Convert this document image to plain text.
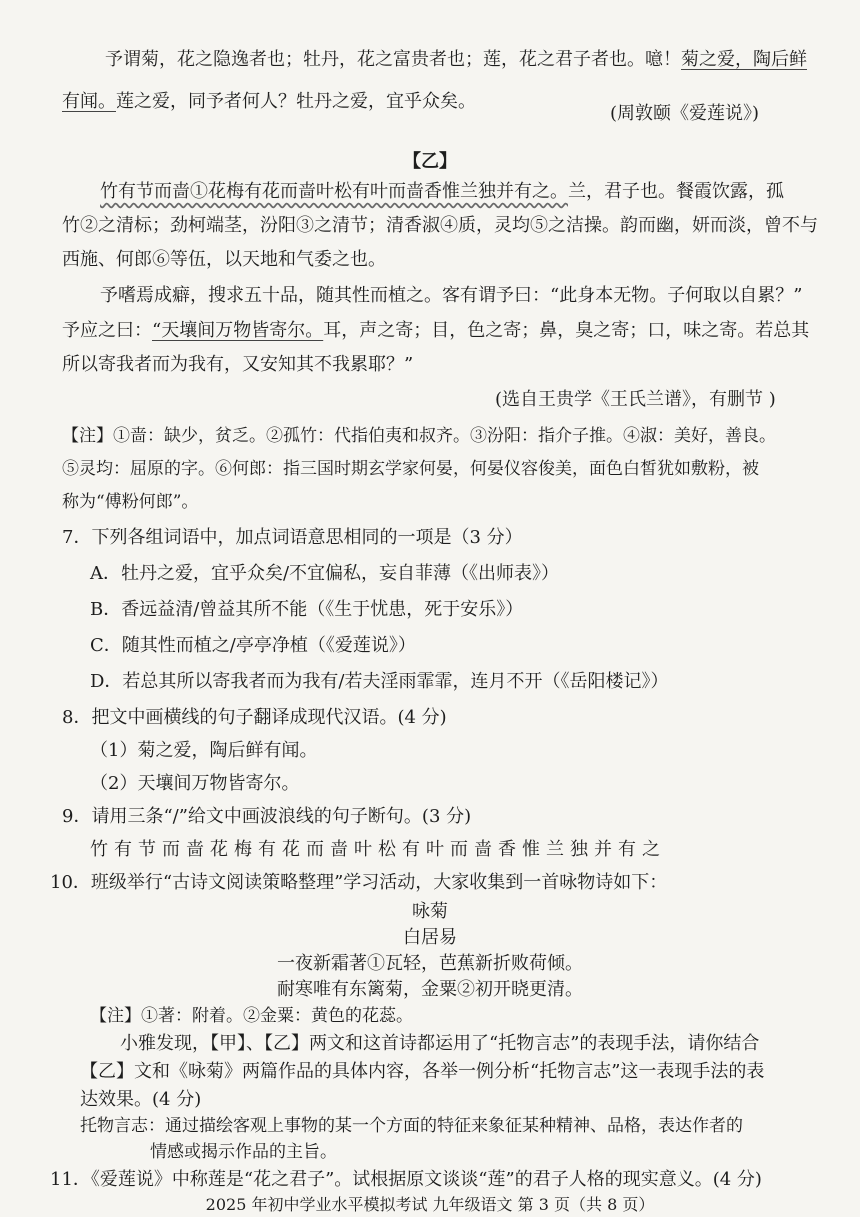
予谓菊，花之隐逸者也；牡丹，花之富贵者也；莲，花之君子者也。噫！菊之爱，陶后鲜
有闻。莲之爱，同予者何人？牡丹之爱，宜乎众矣。
(周敦颐《爱莲说》)
【乙】
竹有节而啬①花梅有花而啬叶松有叶而啬香惟兰独并有之。兰，君子也。餐霞饮露，孤
竹②之清标；劲柯端茎，汾阳③之清节；清香淑④质，灵均⑤之洁操。韵而幽，妍而淡，曾不与
西施、何郎⑥等伍，以天地和气委之也。
予嗜焉成癖，搜求五十品，随其性而植之。客有谓予曰：“此身本无物。子何取以自累？”
予应之曰：“天壤间万物皆寄尔。耳，声之寄；目，色之寄；鼻，臭之寄；口，味之寄。若总其
所以寄我者而为我有，又安知其不我累耶？”
(选自王贵学《王氏兰谱》，有删节 )
【注】①啬：缺少，贫乏。②孤竹：代指伯夷和叔齐。③汾阳：指介子推。④淑：美好，善良。
⑤灵均：屈原的字。⑥何郎：指三国时期玄学家何晏，何晏仪容俊美，面色白皙犹如敷粉，被
称为“傅粉何郎”。
7．下列各组词语中，加点词语意思相同的一项是（3 分）
A．牡丹之爱，宜乎众矣/不宜偏私，妄自菲薄（《出师表》）
B．香远益清/曾益其所不能（《生于忧患，死于安乐》）
C．随其性而植之/亭亭净植（《爱莲说》）
D．若总其所以寄我者而为我有/若夫淫雨霏霏，连月不开（《岳阳楼记》）
8．把文中画横线的句子翻译成现代汉语。(4 分)
（1）菊之爱，陶后鲜有闻。
（2）天壤间万物皆寄尔。
9．请用三条“/”给文中画波浪线的句子断句。(3 分)
竹有节而啬花梅有花而啬叶松有叶而啬香惟兰独并有之
10．班级举行“古诗文阅读策略整理”学习活动，大家收集到一首咏物诗如下：
咏菊
白居易
一夜新霜著①瓦轻，芭蕉新折败荷倾。
耐寒唯有东篱菊，金粟②初开晓更清。
【注】①著：附着。②金粟：黄色的花蕊。
小雅发现，【甲】、【乙】两文和这首诗都运用了“托物言志”的表现手法，请你结合
【乙】文和《咏菊》两篇作品的具体内容，各举一例分析“托物言志”这一表现手法的表
达效果。(4 分)
托物言志：通过描绘客观上事物的某一个方面的特征来象征某种精神、品格，表达作者的
情感或揭示作品的主旨。
11．《爱莲说》中称莲是“花之君子”。试根据原文谈谈“莲”的君子人格的现实意义。(4 分)
2025 年初中学业水平模拟考试 九年级语文 第 3 页（共 8 页）
